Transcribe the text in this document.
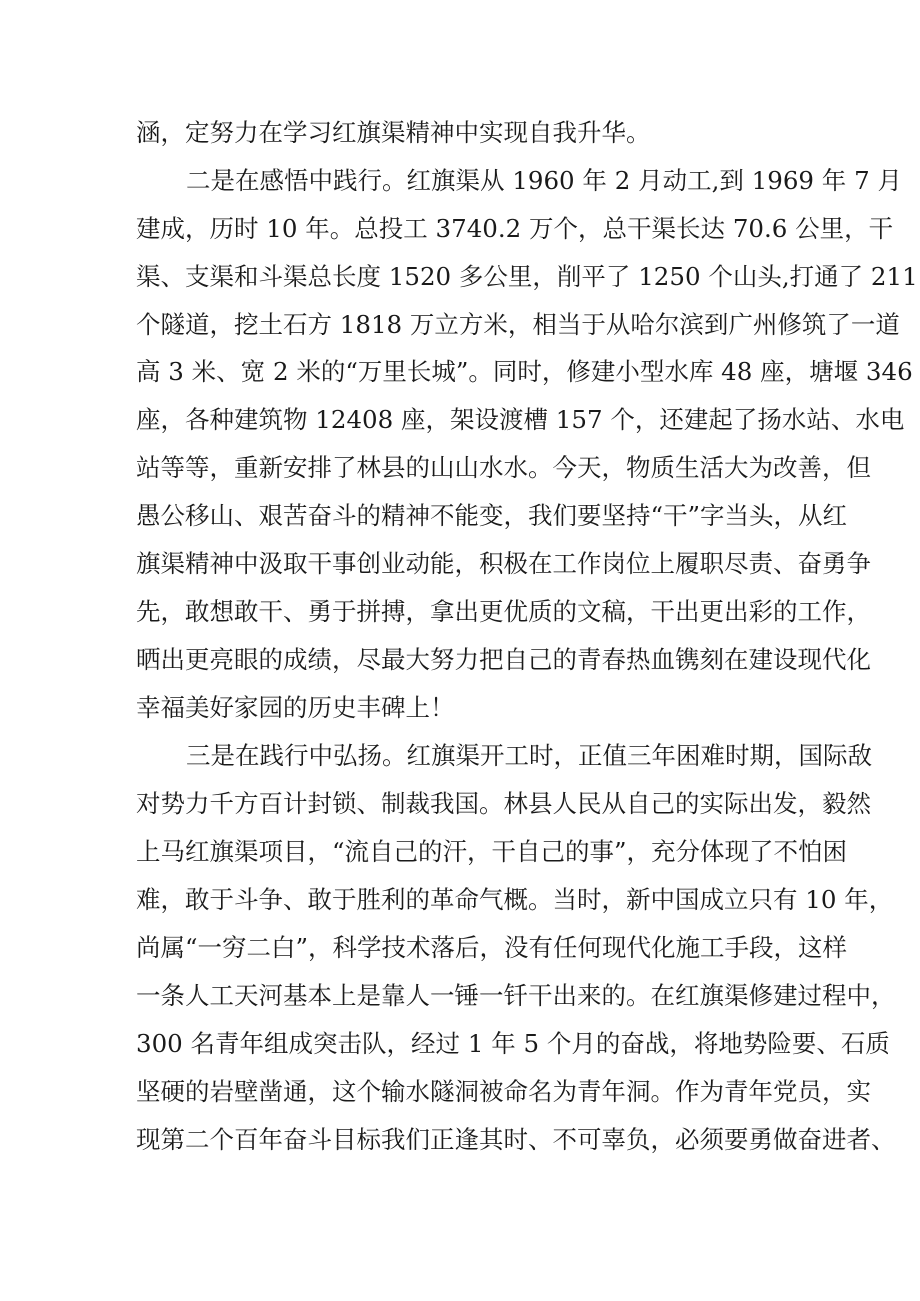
涵，定努力在学习红旗渠精神中实现自我升华。
二是在感悟中践行。红旗渠从 1960 年 2 月动工,到 1969 年 7 月
建成，历时 10 年。总投工 3740.2 万个，总干渠长达 70.6 公里，干
渠、支渠和斗渠总长度 1520 多公里，削平了 1250 个山头,打通了 211
个隧道，挖土石方 1818 万立方米，相当于从哈尔滨到广州修筑了一道
高 3 米、宽 2 米的“万里长城”。同时，修建小型水库 48 座，塘堰 346
座，各种建筑物 12408 座，架设渡槽 157 个，还建起了扬水站、水电
站等等，重新安排了林县的山山水水。今天，物质生活大为改善，但
愚公移山、艰苦奋斗的精神不能变，我们要坚持“干”字当头，从红
旗渠精神中汲取干事创业动能，积极在工作岗位上履职尽责、奋勇争
先，敢想敢干、勇于拼搏，拿出更优质的文稿，干出更出彩的工作，
晒出更亮眼的成绩，尽最大努力把自己的青春热血镌刻在建设现代化
幸福美好家园的历史丰碑上！
三是在践行中弘扬。红旗渠开工时，正值三年困难时期，国际敌
对势力千方百计封锁、制裁我国。林县人民从自己的实际出发，毅然
上马红旗渠项目，“流自己的汗，干自己的事”，充分体现了不怕困
难，敢于斗争、敢于胜利的革命气概。当时，新中国成立只有 10 年，
尚属“一穷二白”，科学技术落后，没有任何现代化施工手段，这样
一条人工天河基本上是靠人一锤一钎干出来的。在红旗渠修建过程中，
300 名青年组成突击队，经过 1 年 5 个月的奋战，将地势险要、石质
坚硬的岩壁凿通，这个输水隧洞被命名为青年洞。作为青年党员，实
现第二个百年奋斗目标我们正逢其时、不可辜负，必须要勇做奋进者、
